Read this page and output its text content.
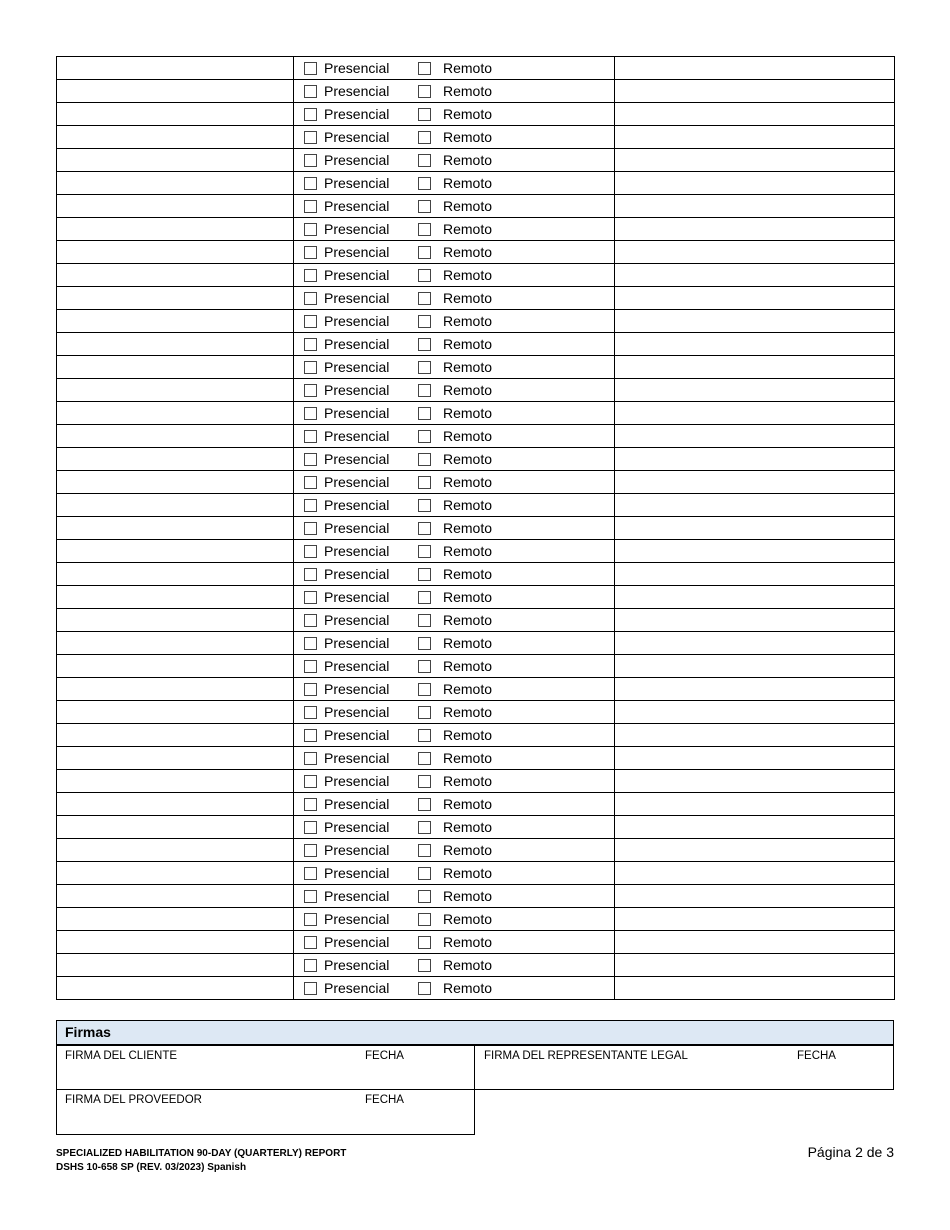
	Presencial Remoto	

	Presencial Remoto	

	Presencial Remoto	

	Presencial Remoto	

	Presencial Remoto	

	Presencial Remoto	

	Presencial Remoto	

	Presencial Remoto	

	Presencial Remoto	

	Presencial Remoto	

	Presencial Remoto	

	Presencial Remoto	

	Presencial Remoto	

	Presencial Remoto	

	Presencial Remoto	

	Presencial Remoto	

	Presencial Remoto	

	Presencial Remoto	

	Presencial Remoto	

	Presencial Remoto	

	Presencial Remoto	

	Presencial Remoto	

	Presencial Remoto	

	Presencial Remoto	

	Presencial Remoto	

	Presencial Remoto	

	Presencial Remoto	

	Presencial Remoto	

	Presencial Remoto	

	Presencial Remoto	

	Presencial Remoto	

	Presencial Remoto	

	Presencial Remoto	

	Presencial Remoto	

	Presencial Remoto	

	Presencial Remoto	

	Presencial Remoto	

	Presencial Remoto	

	Presencial Remoto	

	Presencial Remoto	

	Presencial Remoto	

Firmas
FIRMA DEL CLIENTE	FECHA	FIRMA DEL REPRESENTANTE LEGAL	FECHA
FIRMA DEL PROVEEDOR	FECHA
SPECIALIZED HABILITATION 90-DAY (QUARTERLY) REPORT
DSHS 10-658 SP (REV. 03/2023) Spanish
Página 2 de 3
